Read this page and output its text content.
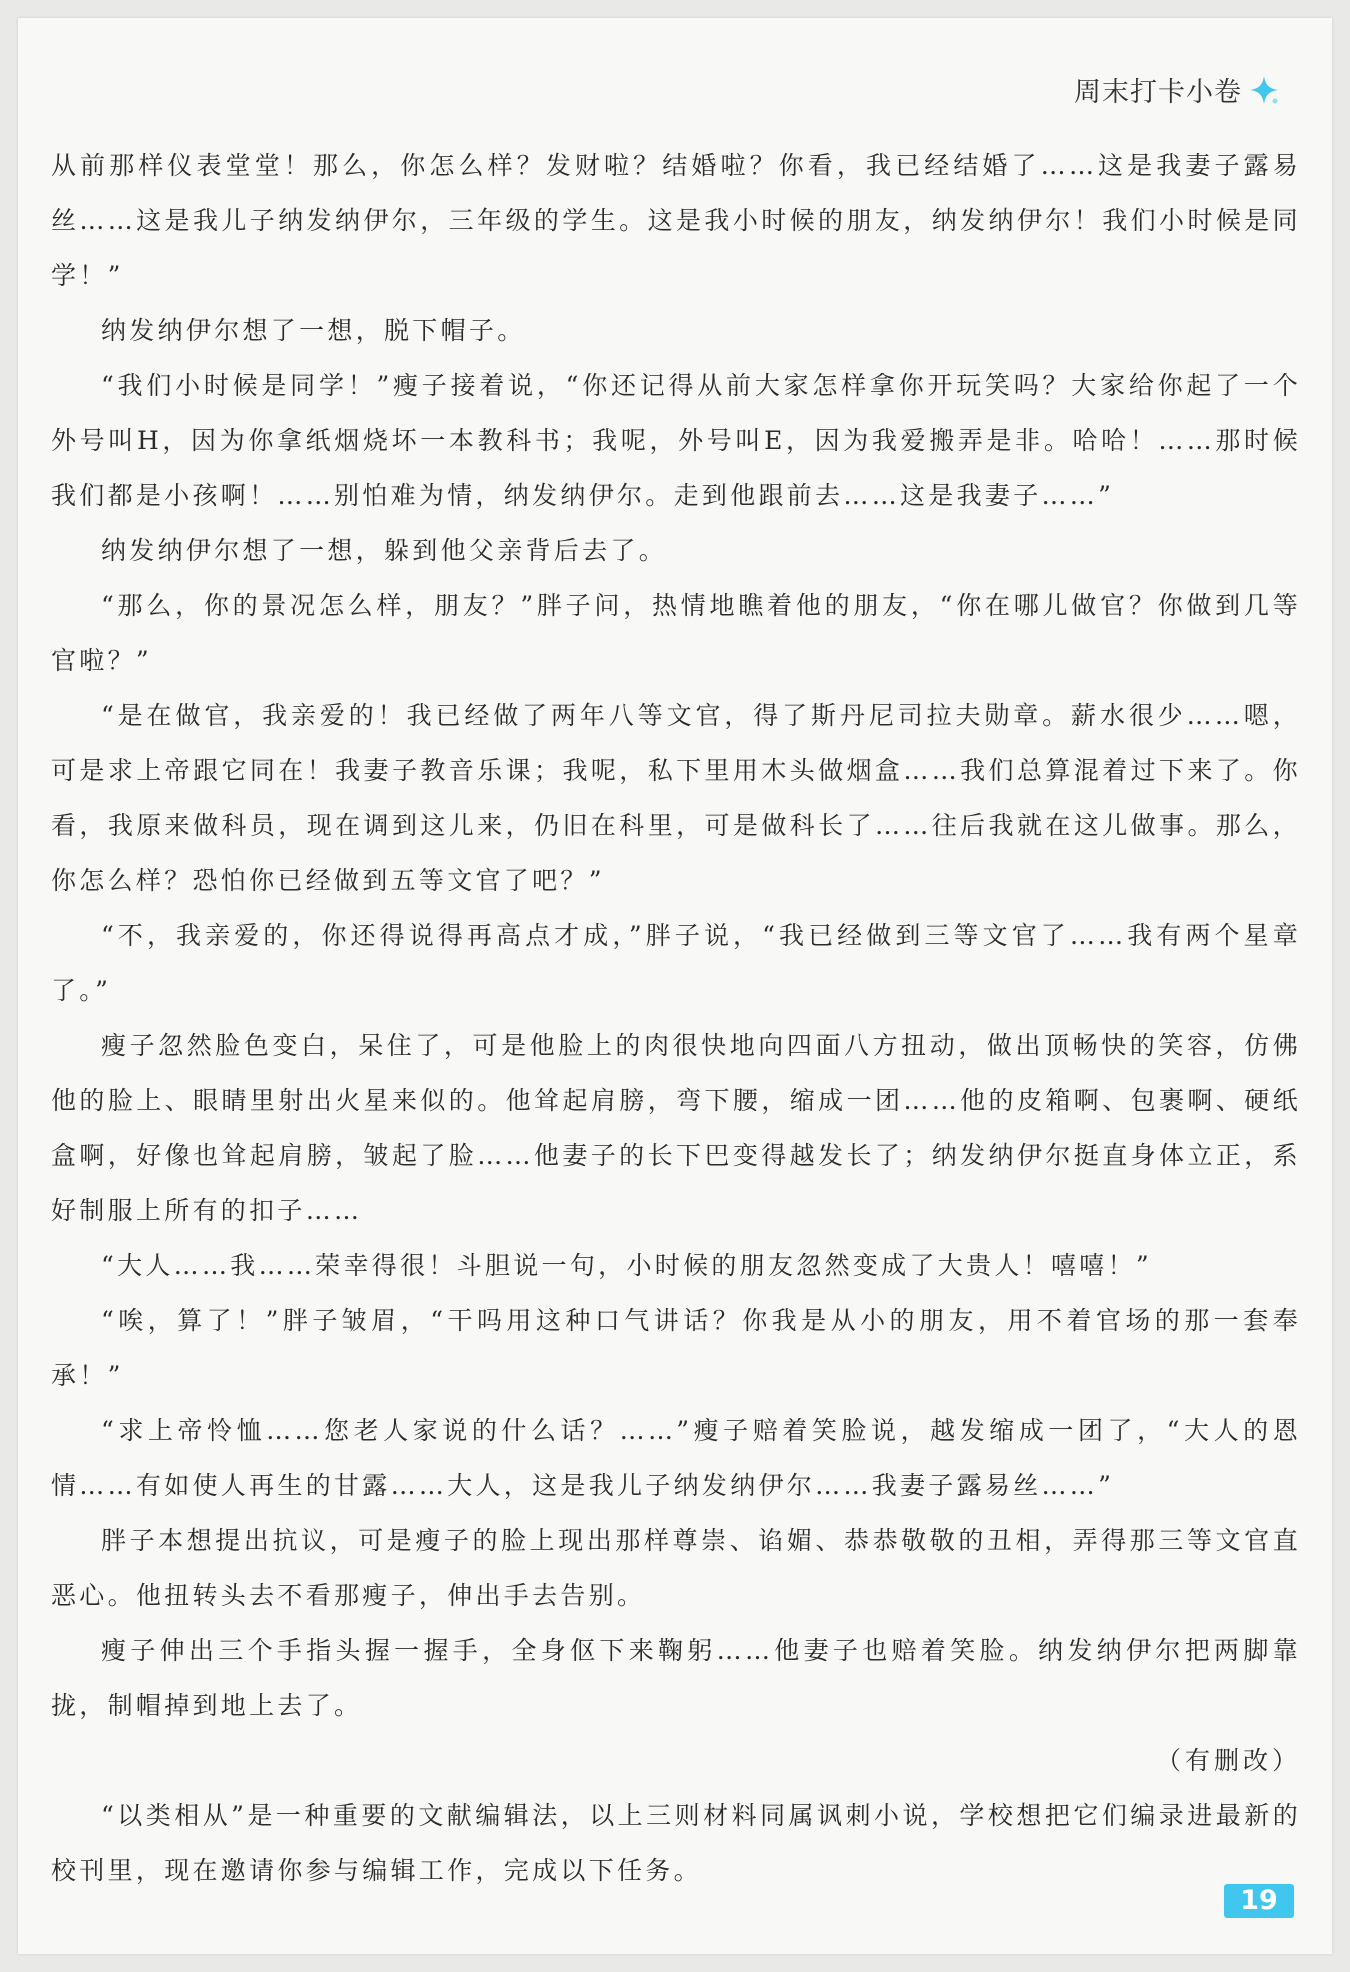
周末打卡小卷

从前那样仪表堂堂！那么，你怎么样？发财啦？结婚啦？你看，我已经结婚了……这是我妻子露易丝……这是我儿子纳发纳伊尔，三年级的学生。这是我小时候的朋友，纳发纳伊尔！我们小时候是同学！”

纳发纳伊尔想了一想，脱下帽子。

“我们小时候是同学！”瘦子接着说，“你还记得从前大家怎样拿你开玩笑吗？大家给你起了一个外号叫H，因为你拿纸烟烧坏一本教科书；我呢，外号叫E，因为我爱搬弄是非。哈哈！……那时候我们都是小孩啊！……别怕难为情，纳发纳伊尔。走到他跟前去……这是我妻子……”

纳发纳伊尔想了一想，躲到他父亲背后去了。

“那么，你的景况怎么样，朋友？”胖子问，热情地瞧着他的朋友，“你在哪儿做官？你做到几等官啦？”

“是在做官，我亲爱的！我已经做了两年八等文官，得了斯丹尼司拉夫勋章。薪水很少……嗯，可是求上帝跟它同在！我妻子教音乐课；我呢，私下里用木头做烟盒……我们总算混着过下来了。你看，我原来做科员，现在调到这儿来，仍旧在科里，可是做科长了……往后我就在这儿做事。那么，你怎么样？恐怕你已经做到五等文官了吧？”

“不，我亲爱的，你还得说得再高点才成，”胖子说，“我已经做到三等文官了……我有两个星章了。”

瘦子忽然脸色变白，呆住了，可是他脸上的肉很快地向四面八方扭动，做出顶畅快的笑容，仿佛他的脸上、眼睛里射出火星来似的。他耸起肩膀，弯下腰，缩成一团……他的皮箱啊、包裹啊、硬纸盒啊，好像也耸起肩膀，皱起了脸……他妻子的长下巴变得越发长了；纳发纳伊尔挺直身体立正，系好制服上所有的扣子……

“大人……我……荣幸得很！斗胆说一句，小时候的朋友忽然变成了大贵人！嘻嘻！”

“唉，算了！”胖子皱眉，“干吗用这种口气讲话？你我是从小的朋友，用不着官场的那一套奉承！”

“求上帝怜恤……您老人家说的什么话？……”瘦子赔着笑脸说，越发缩成一团了，“大人的恩情……有如使人再生的甘露……大人，这是我儿子纳发纳伊尔……我妻子露易丝……”

胖子本想提出抗议，可是瘦子的脸上现出那样尊崇、谄媚、恭恭敬敬的丑相，弄得那三等文官直恶心。他扭转头去不看那瘦子，伸出手去告别。

瘦子伸出三个手指头握一握手，全身伛下来鞠躬……他妻子也赔着笑脸。纳发纳伊尔把两脚靠拢，制帽掉到地上去了。

（有删改）

“以类相从”是一种重要的文献编辑法，以上三则材料同属讽刺小说，学校想把它们编录进最新的校刊里，现在邀请你参与编辑工作，完成以下任务。

19
